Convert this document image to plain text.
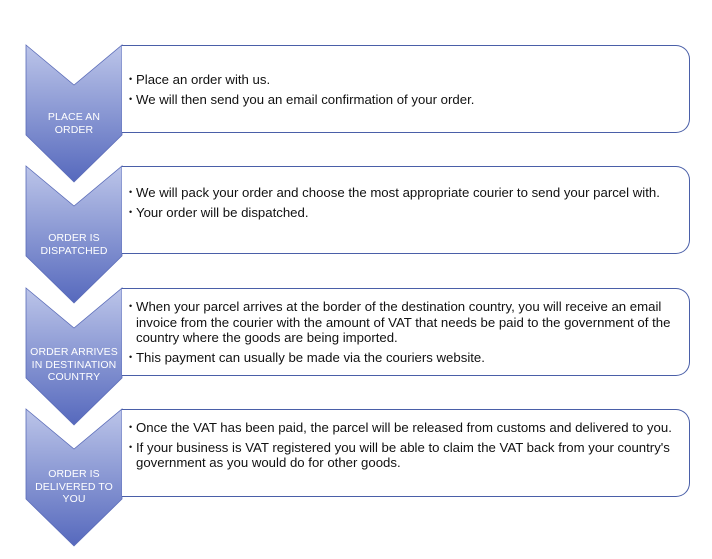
PLACE AN
ORDER
• Place an order with us.
• We will then send you an email confirmation of your order.
ORDER IS
DISPATCHED
• We will pack your order and choose the most appropriate courier to send your parcel with.
• Your order will be dispatched.
ORDER ARRIVES
IN DESTINATION
COUNTRY
• When your parcel arrives at the border of the destination country, you will receive an email invoice from the courier with the amount of VAT that needs be paid to the government of the country where the goods are being imported.
• This payment can usually be made via the couriers website.
ORDER IS
DELIVERED TO
YOU
• Once the VAT has been paid, the parcel will be released from customs and delivered to you.
• If your business is VAT registered you will be able to claim the VAT back from your country's government as you would do for other goods.
